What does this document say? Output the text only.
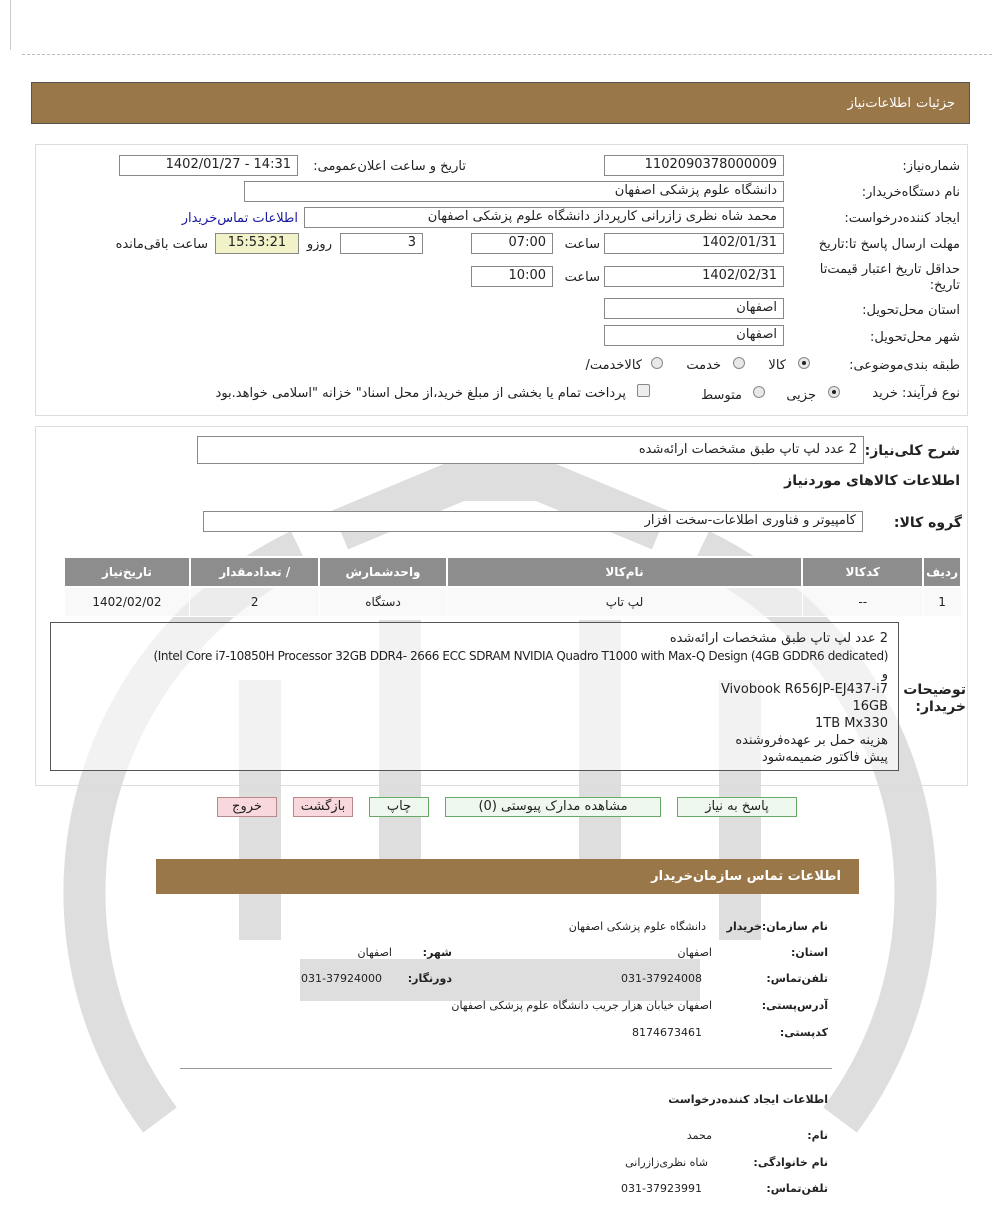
جزئیات
اطلاعات‌نیاز
شماره‌نیاز:
1102090378000009
تاریخ و ساعت اعلان‌عمومی:
1402/01/27 - 14:31
نام دستگاه‌خریدار:
دانشگاه علوم پزشکی اصفهان
ایجاد کننده‌درخواست:
محمد شاه نظری زازرانی کارپرداز دانشگاه علوم پزشکی اصفهان
اطلاعات تماس‌خریدار
مهلت ارسال پاسخ تا:تاریخ
1402/01/31
ساعت
07:00
3
روزو
15:53:21
ساعت باقی‌مانده
حداقل تاریخ اعتبار قیمت‌تا
تاریخ:
1402/02/31
ساعت
10:00
استان محل‌تحویل:
اصفهان
شهر محل‌تحویل:
اصفهان
طبقه بندی‌موضوعی:
کالا
خدمت
کالا‌خدمت/
نوع فرآیند: خرید
جزیی
متوسط
پرداخت تمام یا بخشی از مبلغ خرید،از محل اسناد" خزانه "اسلامی خواهد.بود
شرح کلی‌نیاز:
2 عدد لپ تاپ طبق مشخصات ارائه‌شده
اطلاعات کالاهای موردنیاز
گروه کالا:
کامپیوتر و فناوری اطلاعات-سخت افزار
ردیف	کدکالا	نام‌کالا	واحدشمارش	/ تعدادمقدار	تاریخ‌نیاز
1	--	لپ تاپ	دستگاه	2	1402/02/02
توضیحات
خریدار:
2 عدد لپ تاپ طبق مشخصات ارائه‌شده
(Intel Core i7-10850H Processor 32GB DDR4- 2666 ECC SDRAM NVIDIA Quadro T1000 with Max-Q Design (4GB GDDR6 dedicated)
و
Vivobook R656JP-EJ437-i7
16GB
1TB Mx330
هزینه حمل بر عهده‌فروشنده
پیش فاکتور ضمیمه‌شود
پاسخ به نیاز
مشاهده مدارک پیوستی (0)
چاپ
بازگشت
خروج
اطلاعات تماس سازمان‌خریدار
نام سازمان:
خریدار
دانشگاه علوم پزشکی اصفهان
استان:
اصفهان
شهر:
اصفهان
تلفن‌تماس:
031-37924008
دورنگار:
031-37924000
آدرس‌پستی:
اصفهان خیابان هزار جریب دانشگاه علوم پزشکی اصفهان
کدپستی:
8174673461
اطلاعات ایجاد کننده‌درخواست
نام:
محمد
نام خانوادگی:
شاه نظری‌زازرانی
تلفن‌تماس:
031-37923991
